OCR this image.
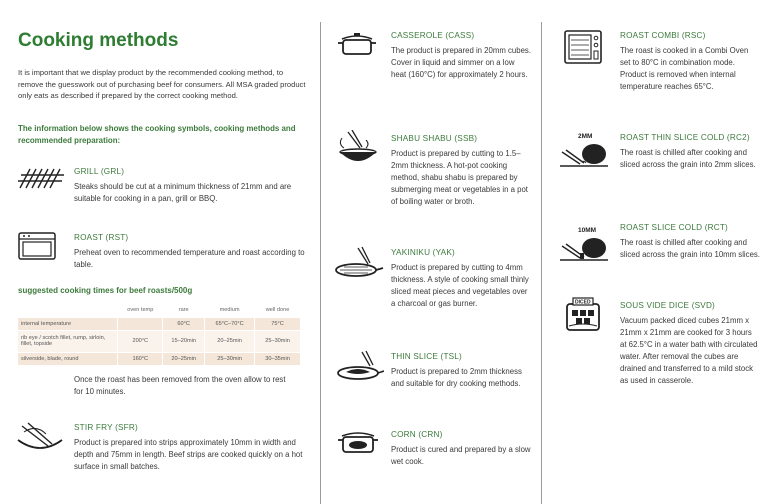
Cooking methods
It is important that we display product by the recommended cooking method, to remove the guesswork out of purchasing beef for consumers. All MSA graded product only eats as described if prepared by the correct cooking method.
The information below shows the cooking symbols, cooking methods and recommended preparation:
GRILL (GRL)
Steaks should be cut at a minimum thickness of 21mm and are suitable for cooking in a pan, grill or BBQ.
ROAST (RST)
Preheat oven to recommended temperature and roast according to table.
suggested cooking times for beef roasts/500g
	oven temp	rare	medium	well done
internal temperature		60°C	65°C–70°C	75°C
rib eye / scotch fillet, rump, sirloin, fillet, topside	200°C	15–20min	20–25min	25–30min
silverside, blade, round	160°C	20–25min	25–30min	30–35min
Once the roast has been removed from the oven allow to rest for 10 minutes.
STIR FRY (SFR)
Product is prepared into strips approximately 10mm in width and depth and 75mm in length. Beef strips are cooked quickly on a hot surface in small batches.
CASSEROLE (CASS)
The product is prepared in 20mm cubes. Cover in liquid and simmer on a low heat (160°C) for approximately 2 hours.
SHABU SHABU (SSB)
Product is prepared by cutting to 1.5–2mm thickness. A hot-pot cooking method, shabu shabu is prepared by submerging meat or vegetables in a pot of boiling water or broth.
YAKINIKU (YAK)
Product is prepared by cutting to 4mm thickness. A style of cooking small thinly sliced meat pieces and vegetables over a charcoal or gas burner.
THIN SLICE (TSL)
Product is prepared to 2mm thickness and suitable for dry cooking methods.
CORN (CRN)
Product is cured and prepared by a slow wet cook.
ROAST COMBI (RSC)
The roast is cooked in a Combi Oven set to 80°C in combination mode. Product is removed when internal temperature reaches 65°C.
2MM	ROAST THIN SLICE COLD (RC2)
The roast is chilled after cooking and sliced across the grain into 2mm slices.
10MM	ROAST SLICE COLD (RCT)
The roast is chilled after cooking and sliced across the grain into 10mm slices.
DICED	SOUS VIDE DICE (SVD)
Vacuum packed diced cubes 21mm x 21mm x 21mm are cooked for 3 hours at 62.5°C in a water bath with circulated water. After removal the cubes are drained and transferred to a mild stock as used in casserole.
